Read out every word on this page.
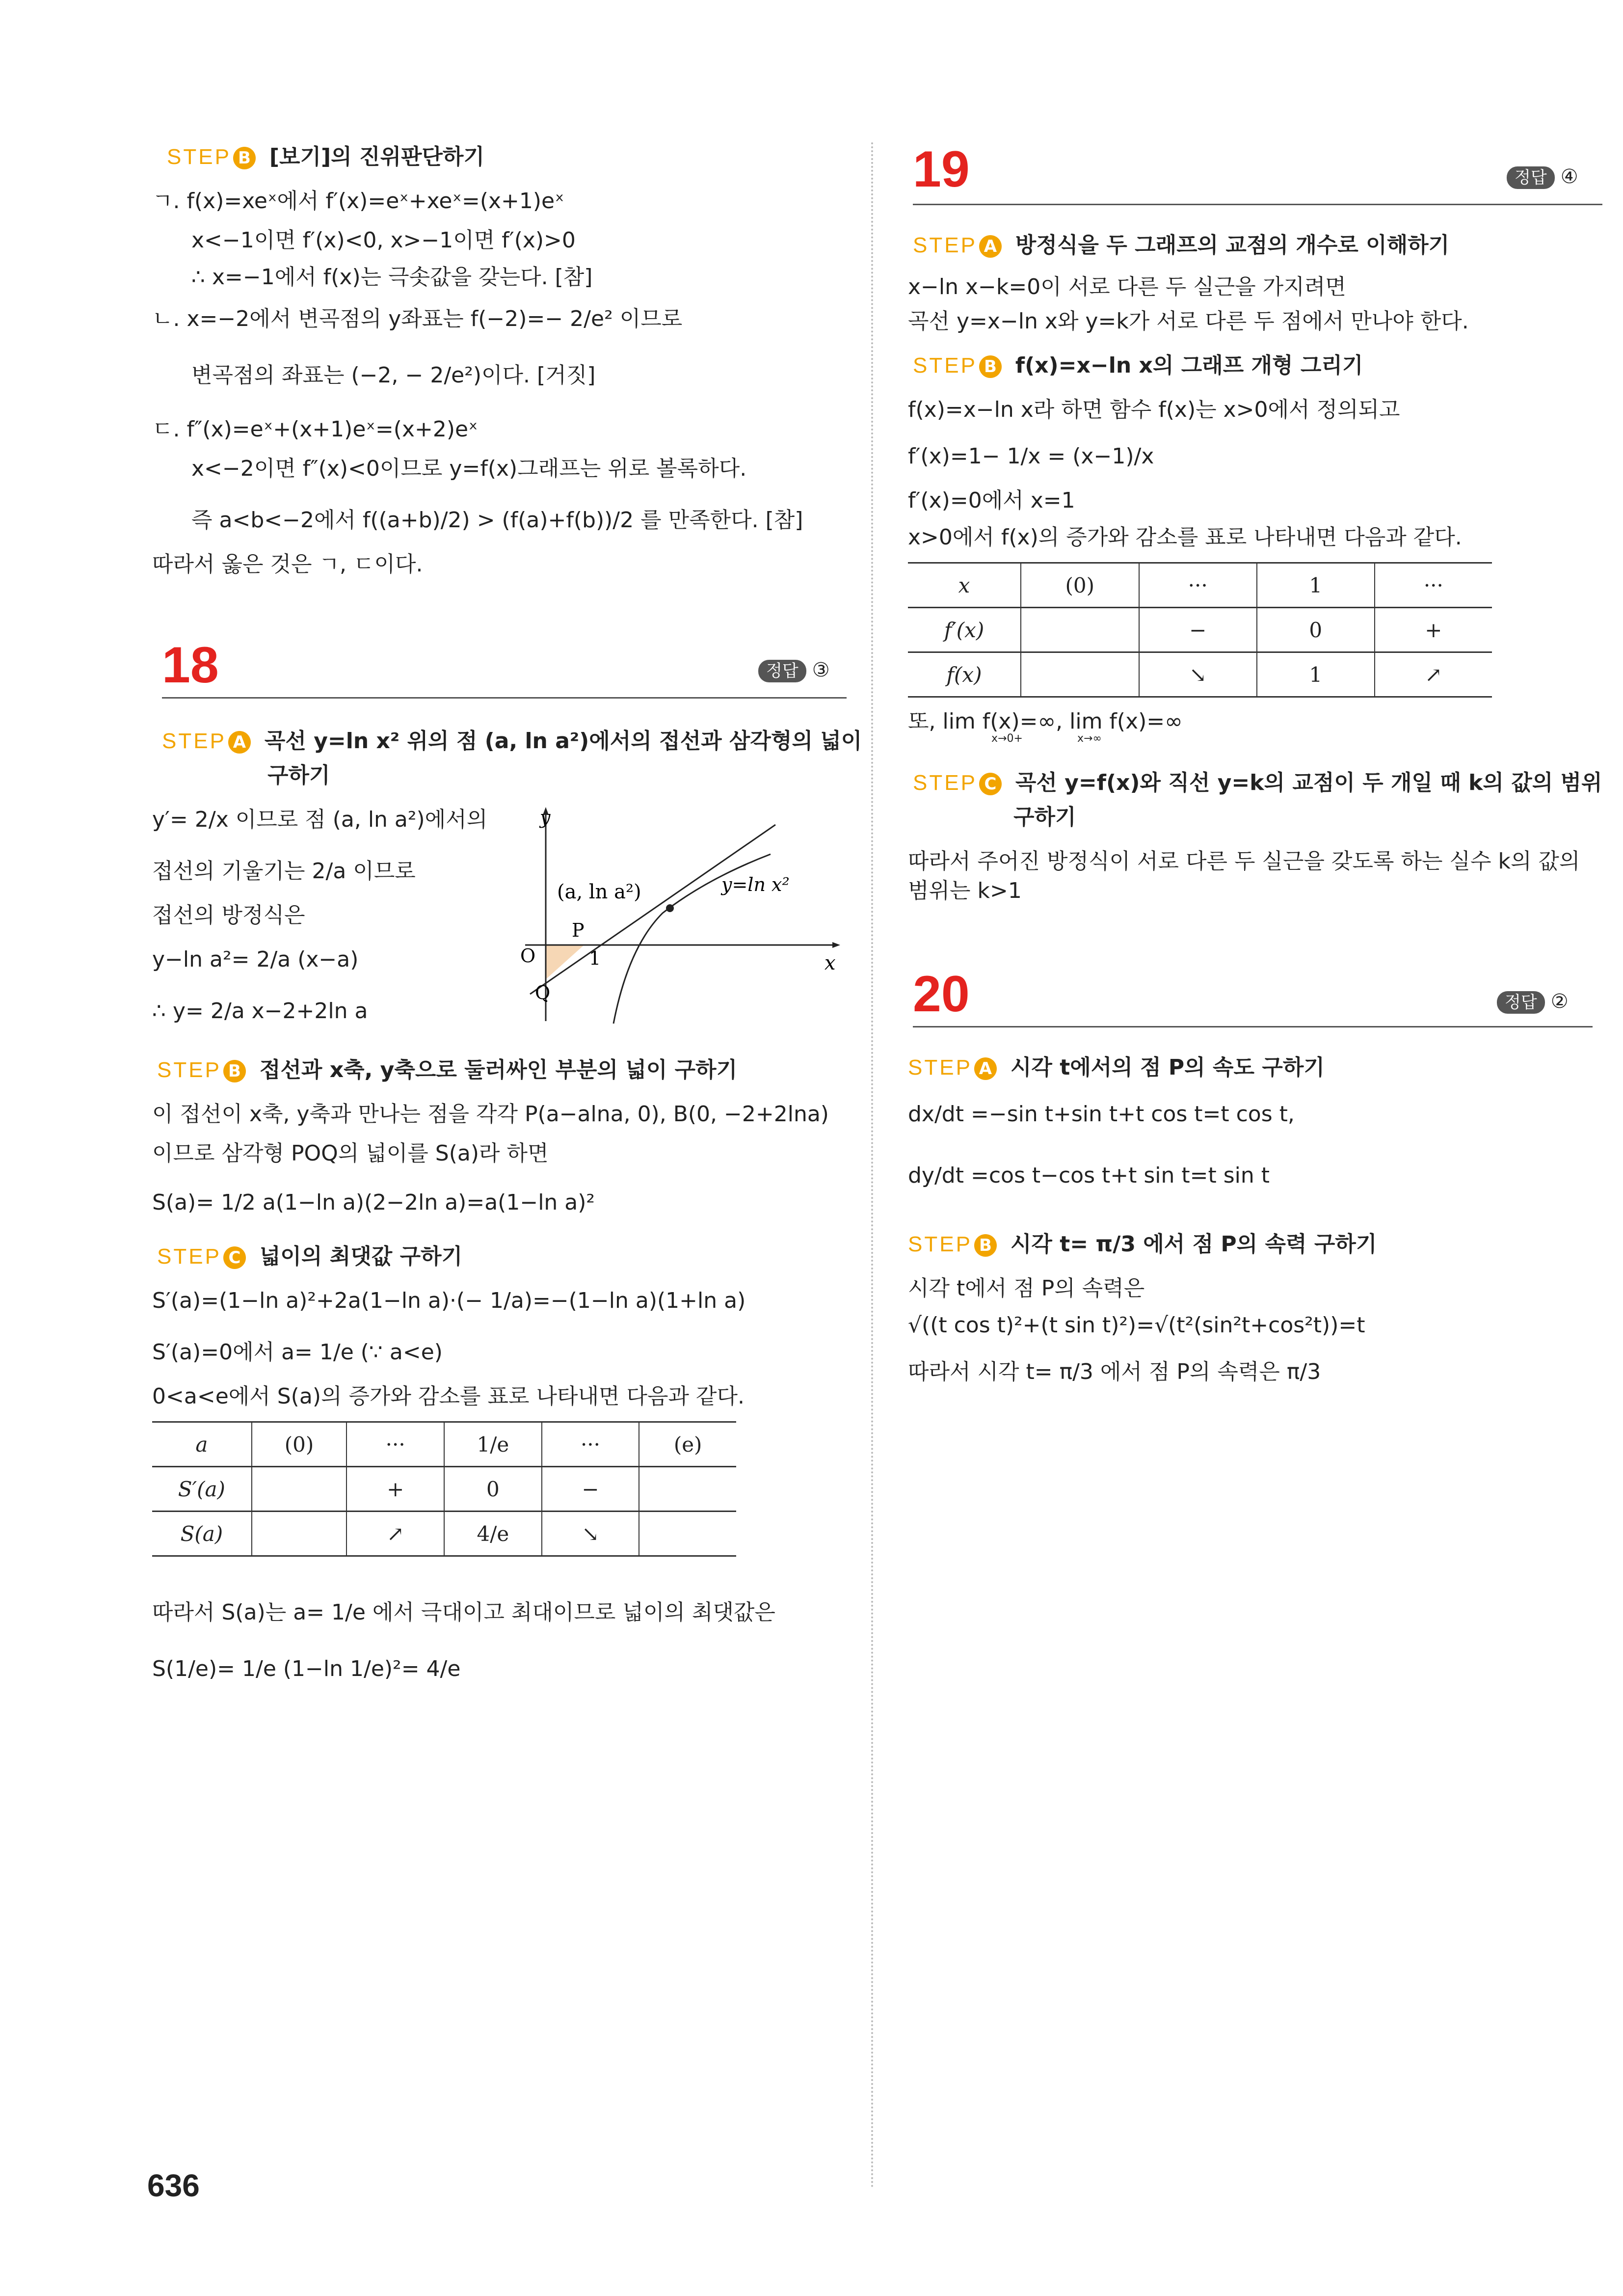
STEP B [보기]의 진위판단하기
ㄱ. f(x)=xeˣ에서 f′(x)=eˣ+xeˣ=(x+1)eˣ
x<−1이면 f′(x)<0, x>−1이면 f′(x)>0
∴ x=−1에서 f(x)는 극솟값을 갖는다. [참]
ㄴ. x=−2에서 변곡점의 y좌표는 f(−2)=− 2/e² 이므로
변곡점의 좌표는 (−2, − 2/e²)이다. [거짓]
ㄷ. f″(x)=eˣ+(x+1)eˣ=(x+2)eˣ
x<−2이면 f″(x)<0이므로 y=f(x)그래프는 위로 볼록하다.
즉 a<b<−2에서 f((a+b)/2) > (f(a)+f(b))/2 를 만족한다. [참]
따라서 옳은 것은 ㄱ, ㄷ이다.
18	정답 ③
STEP A 곡선 y=ln x² 위의 점 (a, ln a²)에서의 접선과 삼각형의 넓이
구하기
y′= 2/x 이므로 점 (a, ln a²)에서의
접선의 기울기는 2/a 이므로
접선의 방정식은
y−ln a²= 2/a (x−a)
∴ y= 2/a x−2+2ln a
y
x
O
Q
P
1
(a, ln a²)	y=ln x²
STEP B 접선과 x축, y축으로 둘러싸인 부분의 넓이 구하기
이 접선이 x축, y축과 만나는 점을 각각 P(a−alna, 0), B(0, −2+2lna)
이므로 삼각형 POQ의 넓이를 S(a)라 하면
S(a)= 1/2 a(1−ln a)(2−2ln a)=a(1−ln a)²
STEP C 넓이의 최댓값 구하기
S′(a)=(1−ln a)²+2a(1−ln a)·(− 1/a)=−(1−ln a)(1+ln a)
S′(a)=0에서 a= 1/e (∵ a<e)
0<a<e에서 S(a)의 증가와 감소를 표로 나타내면 다음과 같다.
a	(0)	···	1/e	···	(e)
S′(a)		+	0	−	
S(a)		↗	4/e	↘	
따라서 S(a)는 a= 1/e 에서 극대이고 최대이므로 넓이의 최댓값은
S(1/e)= 1/e (1−ln 1/e)²= 4/e
19	정답 ④
STEP A 방정식을 두 그래프의 교점의 개수로 이해하기
x−ln x−k=0이 서로 다른 두 실근을 가지려면
곡선 y=x−ln x와 y=k가 서로 다른 두 점에서 만나야 한다.
STEP B f(x)=x−ln x의 그래프 개형 그리기
f(x)=x−ln x라 하면 함수 f(x)는 x>0에서 정의되고
f′(x)=1− 1/x = (x−1)/x
f′(x)=0에서 x=1
x>0에서 f(x)의 증가와 감소를 표로 나타내면 다음과 같다.
x	(0)	···	1	···
f′(x)		−	0	+
f(x)		↘	1	↗
또, lim f(x)=∞, lim f(x)=∞
x→0+	x→∞
STEP C 곡선 y=f(x)와 직선 y=k의 교점이 두 개일 때 k의 값의 범위
구하기
따라서 주어진 방정식이 서로 다른 두 실근을 갖도록 하는 실수 k의 값의
범위는 k>1
20	정답 ②
STEP A 시각 t에서의 점 P의 속도 구하기
dx/dt =−sin t+sin t+t cos t=t cos t,
dy/dt =cos t−cos t+t sin t=t sin t
STEP B 시각 t= π/3 에서 점 P의 속력 구하기
시각 t에서 점 P의 속력은
√((t cos t)²+(t sin t)²)=√(t²(sin²t+cos²t))=t
따라서 시각 t= π/3 에서 점 P의 속력은 π/3
636
